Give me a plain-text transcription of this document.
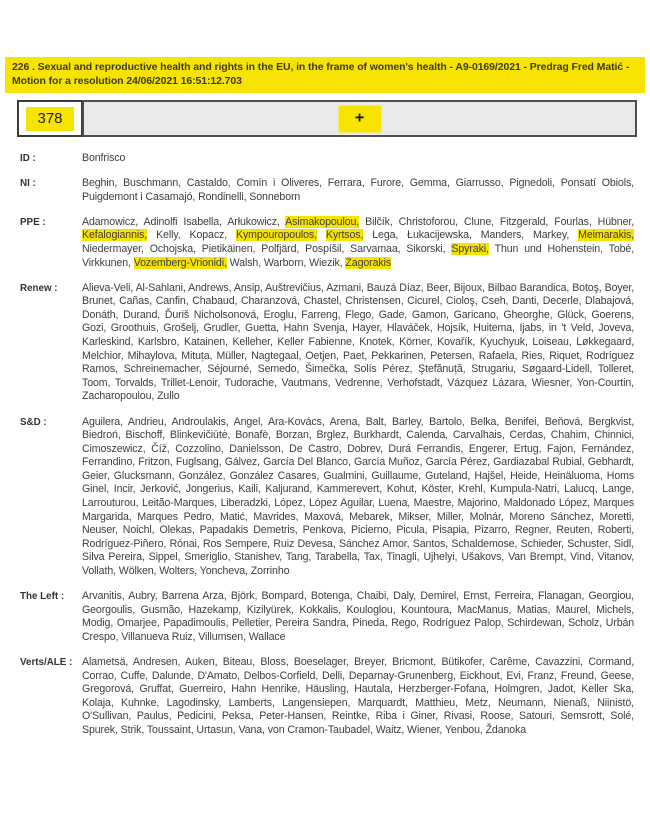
226 . Sexual and reproductive health and rights in the EU, in the frame of women's health - A9-0169/2021 - Predrag Fred Matić - Motion for a resolution 24/06/2021 16:51:12.703
378	+
ID :	Bonfrisco
NI :	Beghin, Buschmann, Castaldo, Comín i Oliveres, Ferrara, Furore, Gemma, Giarrusso, Pignedoli, Ponsatí Obiols, Puigdemont i Casamajó, Rondinelli, Sonneborn
PPE :	Adamowicz, Adinolfi Isabella, Arłukowicz, Asimakopoulou, Bilčík, Christoforou, Clune, Fitzgerald, Fourlas, Hübner, Kefalogiannis, Kelly, Kopacz, Kympouropoulos, Kyrtsos, Lega, Łukacijewska, Manders, Markey, Meimarakis, Niedermayer, Ochojska, Pietikäinen, Polfjärd, Pospíšil, Sarvamaa, Sikorski, Spyraki, Thun und Hohenstein, Tobé, Virkkunen, Vozemberg-Vrionidi, Walsh, Warborn, Wiezik, Zagorakis
Renew :	Alieva-Veli, Al-Sahlani, Andrews, Ansip, Auštrevičius, Azmani, Bauzá Díaz, Beer, Bijoux, Bilbao Barandica, Botoş, Boyer, Brunet, Cañas, Canfin, Chabaud, Charanzová, Chastel, Christensen, Cicurel, Cioloş, Cseh, Danti, Decerle, Dlabajová, Donáth, Durand, Ďuriš Nicholsonová, Eroglu, Farreng, Flego, Gade, Gamon, Garicano, Gheorghe, Glück, Goerens, Gozi, Groothuis, Grošelj, Grudler, Guetta, Hahn Svenja, Hayer, Hlaváček, Hojsík, Huitema, Ijabs, in 't Veld, Joveva, Karleskind, Karlsbro, Katainen, Kelleher, Keller Fabienne, Knotek, Körner, Kovařík, Kyuchyuk, Loiseau, Løkkegaard, Melchior, Mihaylova, Mituța, Müller, Nagtegaal, Oetjen, Paet, Pekkarinen, Petersen, Rafaela, Ries, Riquet, Rodríguez Ramos, Schreinemacher, Séjourné, Semedo, Šimečka, Solís Pérez, Ştefănuță, Strugariu, Søgaard-Lidell, Tolleret, Toom, Torvalds, Trillet-Lenoir, Tudorache, Vautmans, Vedrenne, Verhofstadt, Vázquez Lázara, Wiesner, Yon-Courtin, Zacharopoulou, Zullo
S&D :	Aguilera, Andrieu, Androulakis, Angel, Ara-Kovács, Arena, Balt, Barley, Bartolo, Belka, Benifei, Beňová, Bergkvist, Biedroń, Bischoff, Blinkevičiūtė, Bonafè, Borzan, Brglez, Burkhardt, Calenda, Carvalhais, Cerdas, Chahim, Chinnici, Cimoszewicz, Číž, Cozzolino, Danielsson, De Castro, Dobrev, Durá Ferrandis, Engerer, Ertug, Fajon, Fernández, Ferrandino, Fritzon, Fuglsang, Gálvez, García Del Blanco, García Muñoz, García Pérez, Gardiazabal Rubial, Gebhardt, Geier, Glucksmann, González, González Casares, Gualmini, Guillaume, Guteland, Hajšel, Heide, Heinäluoma, Homs Ginel, Incir, Jerković, Jongerius, Kaili, Kaljurand, Kammerevert, Kohut, Köster, Krehl, Kumpula-Natri, Lalucq, Lange, Larrouturou, Leitão-Marques, Liberadzki, López, López Aguilar, Luena, Maestre, Majorino, Maldonado López, Marques Margarida, Marques Pedro, Matić, Mavrides, Maxová, Mebarek, Mikser, Miller, Molnár, Moreno Sánchez, Moretti, Neuser, Noichl, Olekas, Papadakis Demetris, Penkova, Picierno, Picula, Pisapia, Pizarro, Regner, Reuten, Roberti, Rodríguez-Piñero, Rónai, Ros Sempere, Ruiz Devesa, Sánchez Amor, Santos, Schaldemose, Schieder, Schuster, Sidl, Silva Pereira, Sippel, Smeriglio, Stanishev, Tang, Tarabella, Tax, Tinagli, Ujhelyi, Ušakovs, Van Brempt, Vind, Vitanov, Vollath, Wölken, Wolters, Yoncheva, Zorrinho
The Left :	Arvanitis, Aubry, Barrena Arza, Björk, Bompard, Botenga, Chaibi, Daly, Demirel, Ernst, Ferreira, Flanagan, Georgiou, Georgoulis, Gusmão, Hazekamp, Kizilyürek, Kokkalis, Kouloglou, Kountoura, MacManus, Matias, Maurel, Michels, Modig, Omarjee, Papadimoulis, Pelletier, Pereira Sandra, Pineda, Rego, Rodríguez Palop, Schirdewan, Scholz, Urbán Crespo, Villanueva Ruiz, Villumsen, Wallace
Verts/ALE : Alametsä, Andresen, Auken, Biteau, Bloss, Boeselager, Breyer, Bricmont, Bütikofer, Carême, Cavazzini, Cormand, Corrao, Cuffe, Dalunde, D'Amato, Delbos-Corfield, Delli, Deparnay-Grunenberg, Eickhout, Evi, Franz, Freund, Geese, Gregorová, Gruffat, Guerreiro, Hahn Henrike, Häusling, Hautala, Herzberger-Fofana, Holmgren, Jadot, Keller Ska, Kolaja, Kuhnke, Lagodinsky, Lamberts, Langensiepen, Marquardt, Matthieu, Metz, Neumann, Nienaß, Niinistö, O'Sullivan, Paulus, Pedicini, Peksa, Peter-Hansen, Reintke, Riba i Giner, Rivasi, Roose, Satouri, Semsrott, Solé, Spurek, Strik, Toussaint, Urtasun, Vana, von Cramon-Taubadel, Waitz, Wiener, Yenbou, Ždanoka
